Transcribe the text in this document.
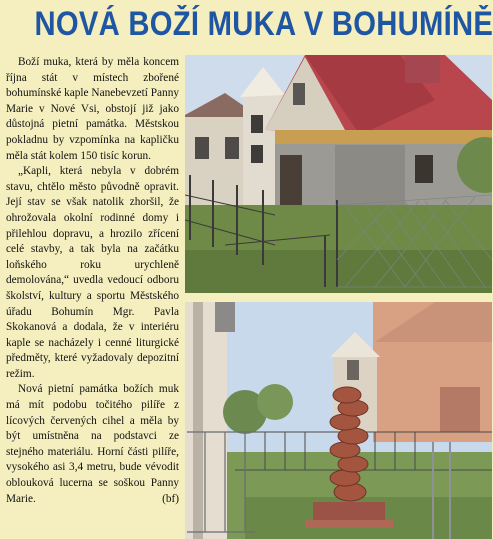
NOVÁ BOŽÍ MUKA V BOHUMÍNĚ

Boží muka, která by měla koncem října stát v místech zbořené bohumínské kaple Nanebevzetí Panny Marie v Nové Vsi, obstojí již jako důstojná pietní památka. Městskou pokladnu by vzpomínka na kapličku měla stát kolem 150 tisíc korun.

„Kapli, která nebyla v dobrém stavu, chtělo město původně opravit. Její stav se však natolik zhoršil, že ohrožovala okolní rodinné domy i přilehlou dopravu, a hrozilo zřícení celé stavby, a tak byla na začátku loňského roku urychleně demolována,“ uvedla vedoucí odboru školství, kultury a sportu Městského úřadu Bohumín Mgr. Pavla Skokanová a dodala, že v interiéru kaple se nacházely i cenné liturgické předměty, které vyžadovaly depozitní režim.

Nová pietní památka božích muk má mít podobu točitého pilíře z lícových červených cihel a měla by být umístněna na podstavci ze stejného materiálu. Horní části pilíře, vysokého asi 3,4 metru, bude vévodit oblouková lucerna se soškou Panny Marie.	(bf)
